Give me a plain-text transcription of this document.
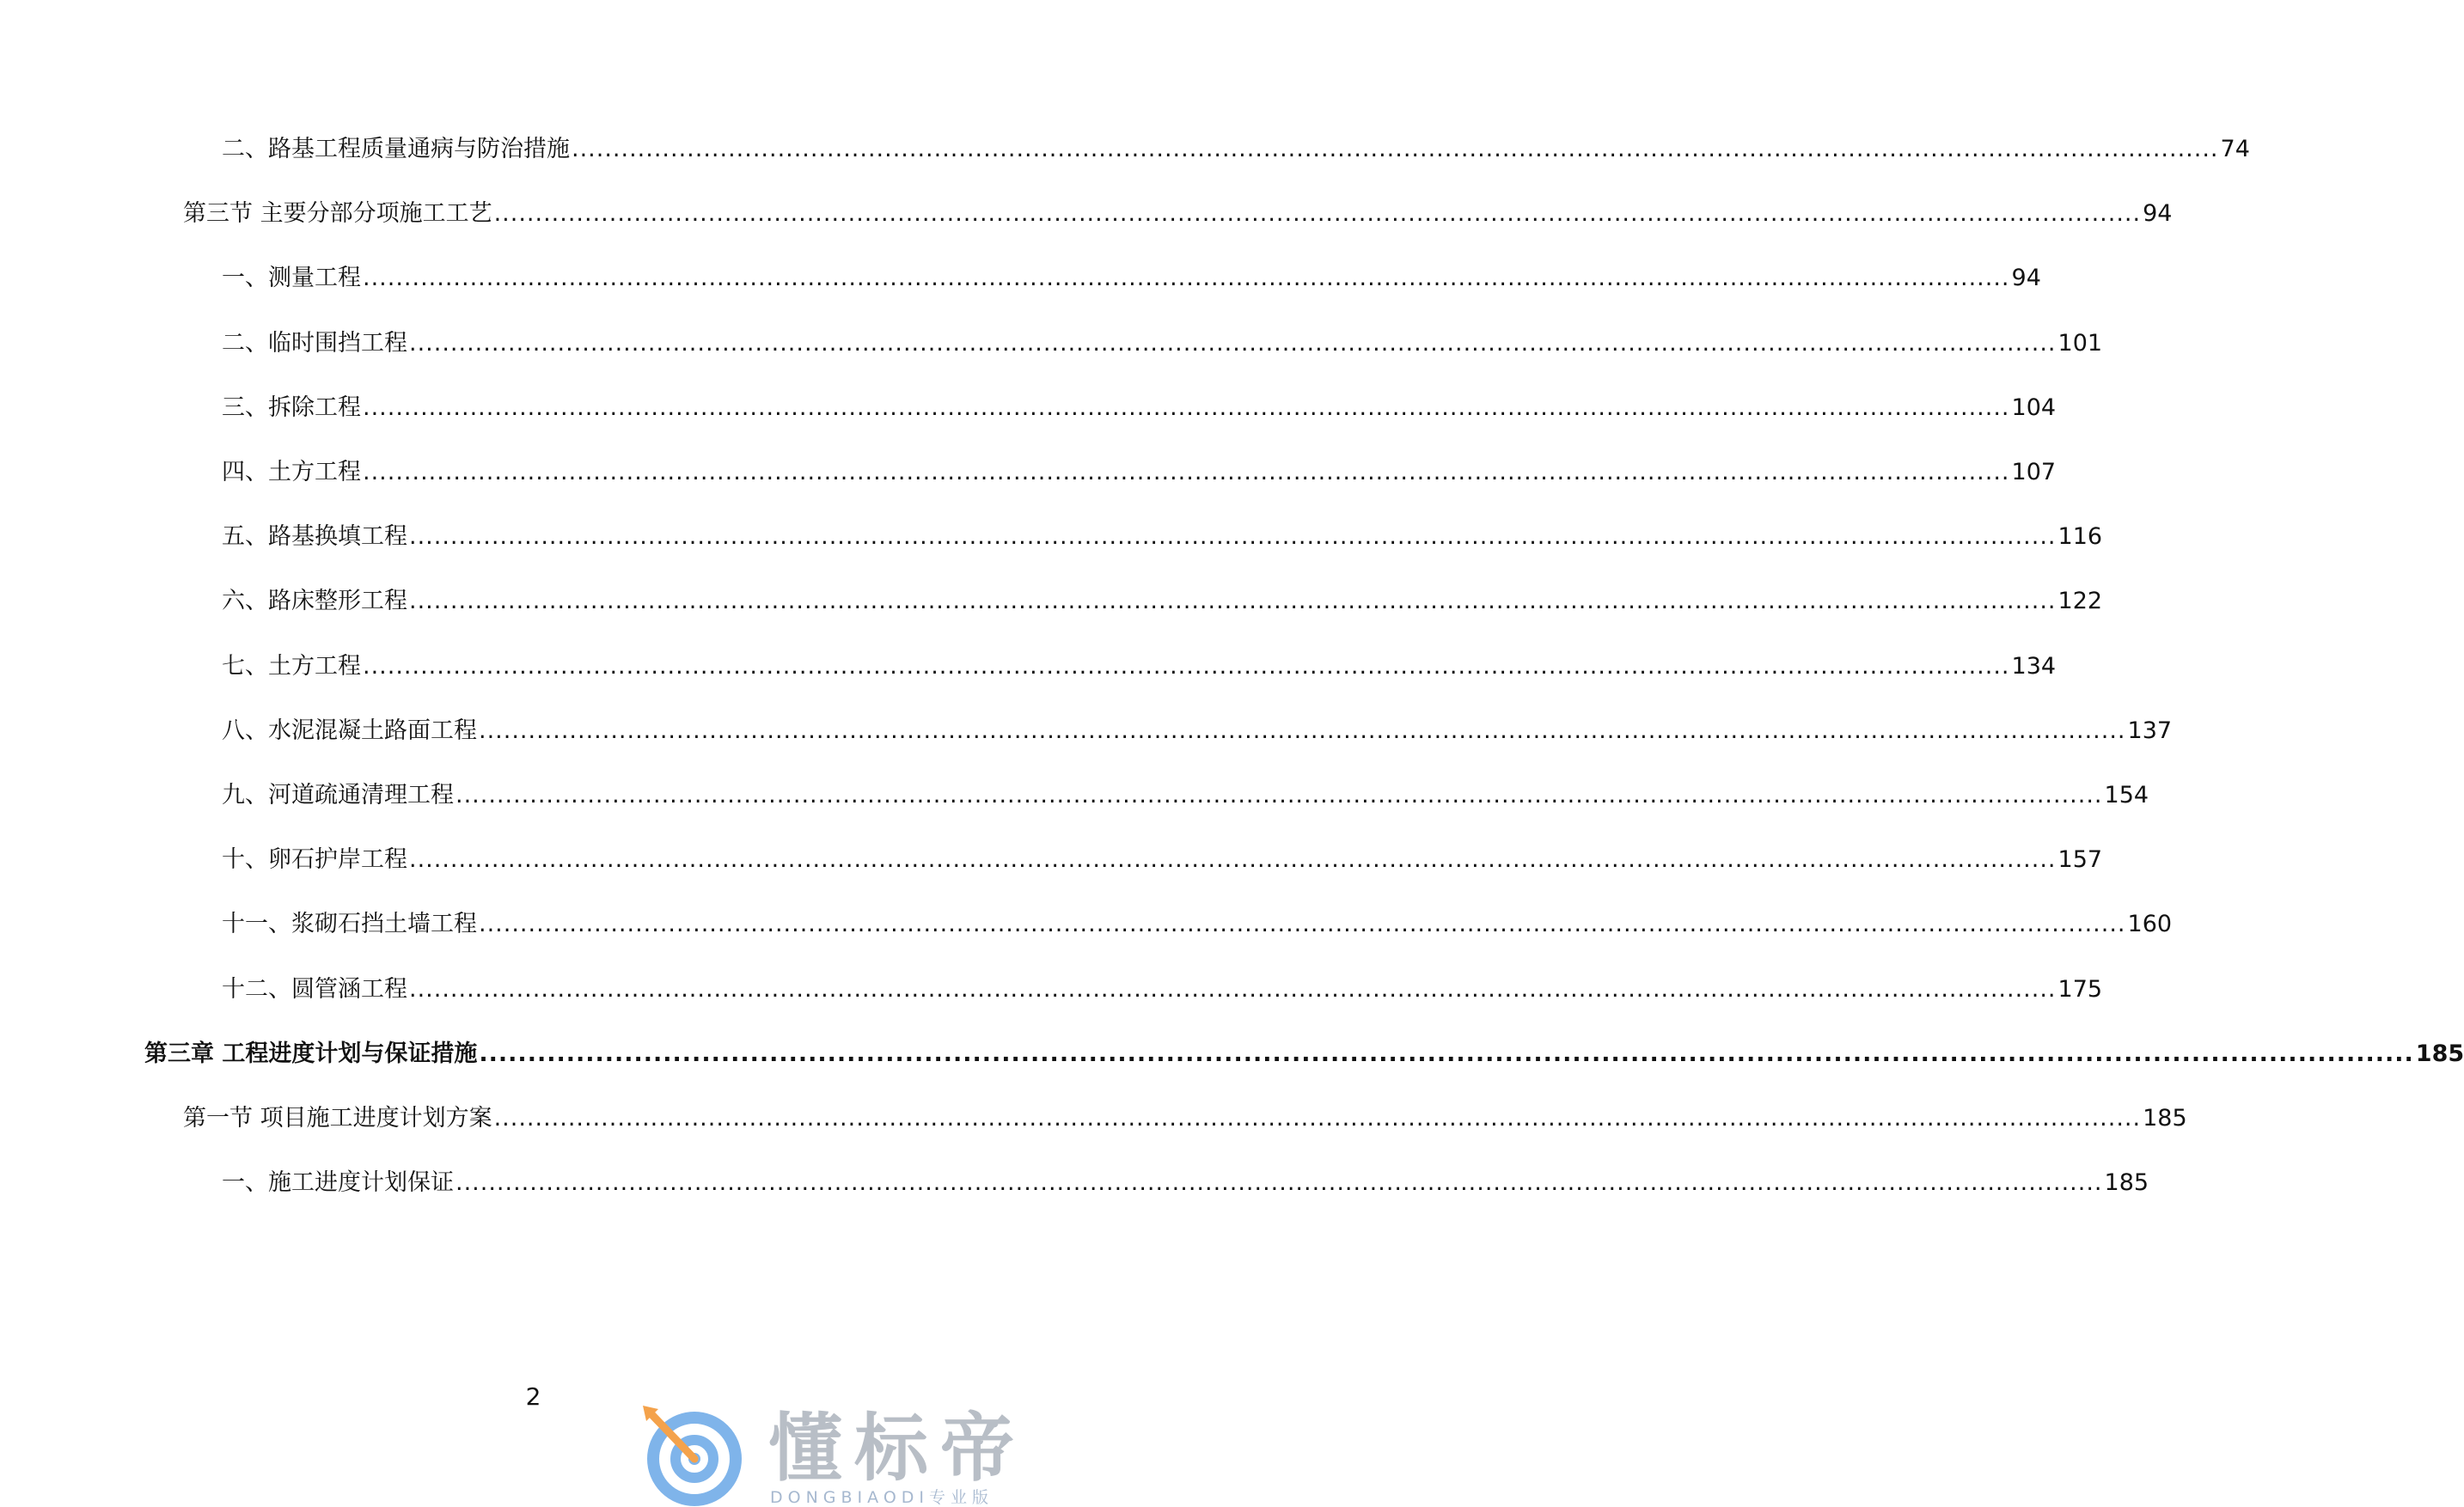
二、路基工程质量通病与防治措施 ........................................................................................................................................................................................................ 74
第三节 主要分部分项施工工艺 ........................................................................................................................................................................................................ 94
一、测量工程 ........................................................................................................................................................................................................ 94
二、临时围挡工程 ........................................................................................................................................................................................................ 101
三、拆除工程 ........................................................................................................................................................................................................ 104
四、土方工程 ........................................................................................................................................................................................................ 107
五、路基换填工程 ........................................................................................................................................................................................................ 116
六、路床整形工程 ........................................................................................................................................................................................................ 122
七、土方工程 ........................................................................................................................................................................................................ 134
八、水泥混凝土路面工程 ........................................................................................................................................................................................................ 137
九、河道疏通清理工程 ........................................................................................................................................................................................................ 154
十、卵石护岸工程 ........................................................................................................................................................................................................ 157
十一、浆砌石挡土墙工程 ........................................................................................................................................................................................................ 160
十二、圆管涵工程 ........................................................................................................................................................................................................ 175
第三章 工程进度计划与保证措施 ........................................................................................................................................................................................................ 185
第一节 项目施工进度计划方案 ........................................................................................................................................................................................................ 185
一、施工进度计划保证 ........................................................................................................................................................................................................ 185
2
懂标帝
DONGBIAODI专业版
